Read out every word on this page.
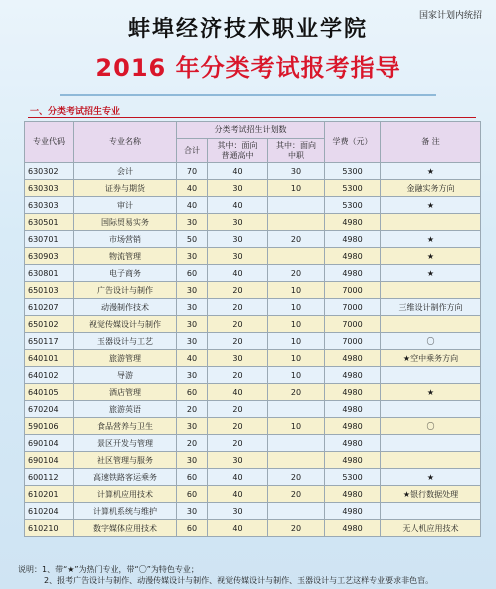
国家计划内统招
蚌埠经济技术职业学院
2016 年分类考试报考指导
一、分类考试招生专业
专业代码	专业名称	分类考试招生计划数			学费（元）	备 注
		合计	其中：面向普通高中	其中：面向中职		
630302	会计	70	40	30	5300	★
630303	证券与期货	40	30	10	5300	金融实务方向
630303	审计	40	40		5300	★
630501	国际贸易实务	30	30		4980	
630701	市场营销	50	30	20	4980	★
630903	物流管理	30	30		4980	★
630801	电子商务	60	40	20	4980	★
650103	广告设计与制作	30	20	10	7000	
610207	动漫制作技术	30	20	10	7000	三维设计制作方向
650102	视觉传媒设计与制作	30	20	10	7000	
650117	玉器设计与工艺	30	20	10	7000	〇
640101	旅游管理	40	30	10	4980	★空中乘务方向
640102	导游	30	20	10	4980	
640105	酒店管理	60	40	20	4980	★
670204	旅游英语	20	20		4980	
590106	食品营养与卫生	30	20	10	4980	〇
690104	景区开发与管理	20	20		4980	
690104	社区管理与服务	30	30		4980	
600112	高速铁路客运乘务	60	40	20	5300	★
610201	计算机应用技术	60	40	20	4980	★银行数据处理
610204	计算机系统与维护	30	30		4980	
610210	数字媒体应用技术	60	40	20	4980	无人机应用技术
说明：1、带“★”为热门专业，带“〇”为特色专业；
2、报考广告设计与制作、动漫传媒设计与制作、视觉传媒设计与制作、玉器设计与工艺这样专业要求非色盲。
